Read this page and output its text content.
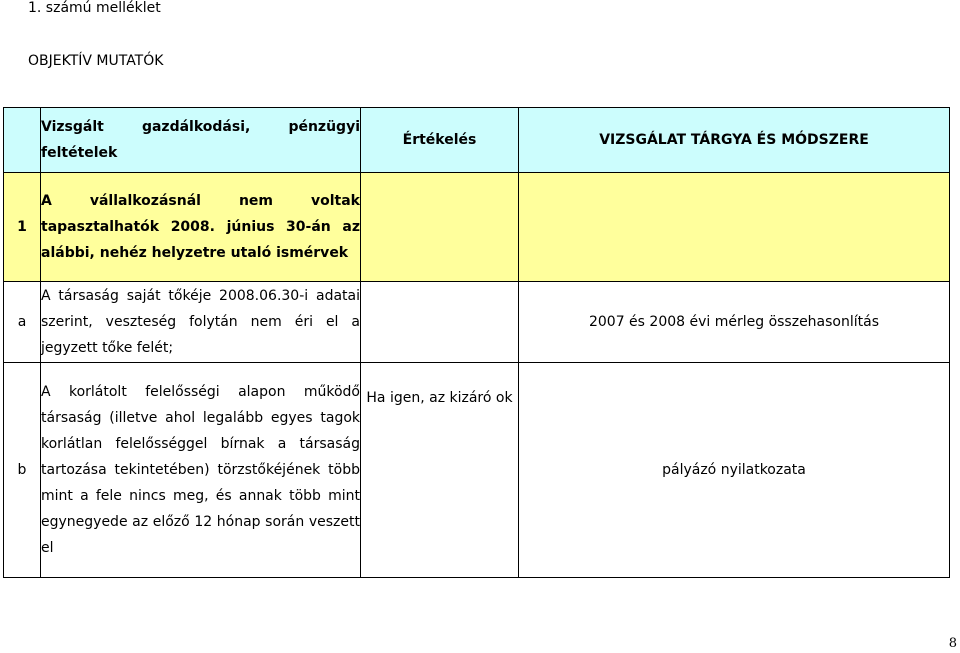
1. számú melléklet
OBJEKTÍV MUTATÓK
	Vizsgált gazdálkodási, pénzügyi feltételek	Értékelés	VIZSGÁLAT TÁRGYA ÉS MÓDSZERE
1	A vállalkozásnál nem voltak tapasztalhatók 2008. június 30-án az alábbi, nehéz helyzetre utaló ismérvek		
a	A társaság saját tőkéje 2008.06.30-i adatai szerint, veszteség folytán nem éri el a jegyzett tőke felét;		2007 és 2008 évi mérleg összehasonlítás
b	A korlátolt felelősségi alapon működő társaság (illetve ahol legalább egyes tagok korlátlan felelősséggel bírnak a társaság tartozása tekintetében) törzstőkéjének több mint a fele nincs meg, és annak több mint egynegyede az előző 12 hónap során veszett el	Ha igen, az kizáró ok	pályázó nyilatkozata
8
